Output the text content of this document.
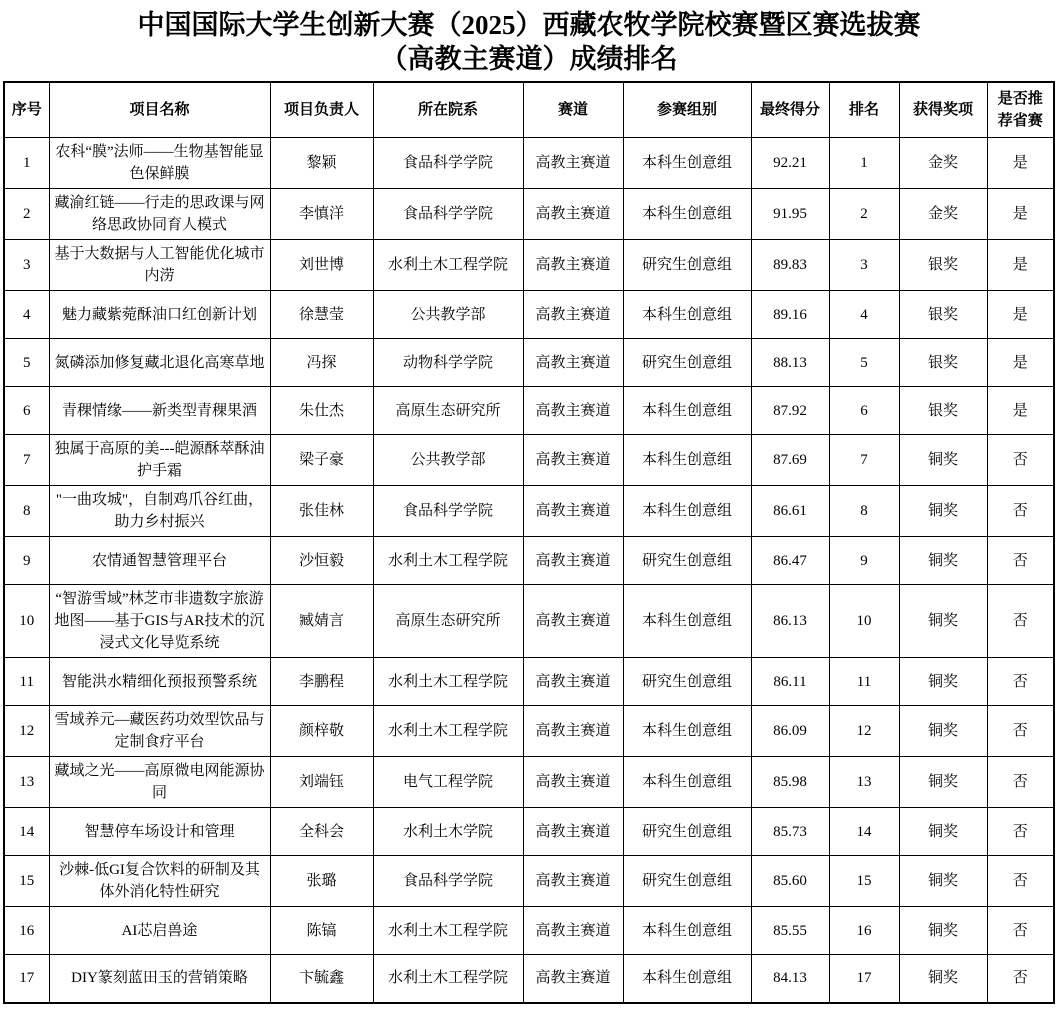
中国国际大学生创新大赛（2025）西藏农牧学院校赛暨区赛选拔赛
（高教主赛道）成绩排名
序号	项目名称	项目负责人	所在院系	赛道	参赛组别	最终得分	排名	获得奖项	是否推荐省赛
1	农科“膜”法师——生物基智能显色保鲜膜	黎颖	食品科学学院	高教主赛道	本科生创意组	92.21	1	金奖	是
2	藏渝红链——行走的思政课与网络思政协同育人模式	李慎洋	食品科学学院	高教主赛道	本科生创意组	91.95	2	金奖	是
3	基于大数据与人工智能优化城市内涝	刘世博	水利土木工程学院	高教主赛道	研究生创意组	89.83	3	银奖	是
4	魅力藏紫菀酥油口红创新计划	徐慧莹	公共教学部	高教主赛道	本科生创意组	89.16	4	银奖	是
5	氮磷添加修复藏北退化高寒草地	冯探	动物科学学院	高教主赛道	研究生创意组	88.13	5	银奖	是
6	青稞情缘——新类型青稞果酒	朱仕杰	高原生态研究所	高教主赛道	本科生创意组	87.92	6	银奖	是
7	独属于高原的美---皑源酥萃酥油护手霜	梁子豪	公共教学部	高教主赛道	本科生创意组	87.69	7	铜奖	否
8	"一曲攻城"，自制鸡爪谷红曲，助力乡村振兴	张佳林	食品科学学院	高教主赛道	本科生创意组	86.61	8	铜奖	否
9	农情通智慧管理平台	沙恒毅	水利土木工程学院	高教主赛道	研究生创意组	86.47	9	铜奖	否
10	“智游雪域”林芝市非遗数字旅游地图——基于GIS与AR技术的沉浸式文化导览系统	臧婧言	高原生态研究所	高教主赛道	本科生创意组	86.13	10	铜奖	否
11	智能洪水精细化预报预警系统	李鹏程	水利土木工程学院	高教主赛道	研究生创意组	86.11	11	铜奖	否
12	雪域养元—藏医药功效型饮品与定制食疗平台	颜梓敬	水利土木工程学院	高教主赛道	本科生创意组	86.09	12	铜奖	否
13	藏域之光——高原微电网能源协同	刘端钰	电气工程学院	高教主赛道	本科生创意组	85.98	13	铜奖	否
14	智慧停车场设计和管理	全科会	水利土木学院	高教主赛道	研究生创意组	85.73	14	铜奖	否
15	沙棘-低GI复合饮料的研制及其体外消化特性研究	张璐	食品科学学院	高教主赛道	研究生创意组	85.60	15	铜奖	否
16	AI芯启兽途	陈镐	水利土木工程学院	高教主赛道	本科生创意组	85.55	16	铜奖	否
17	DIY篆刻蓝田玉的营销策略	卞毓鑫	水利土木工程学院	高教主赛道	本科生创意组	84.13	17	铜奖	否
